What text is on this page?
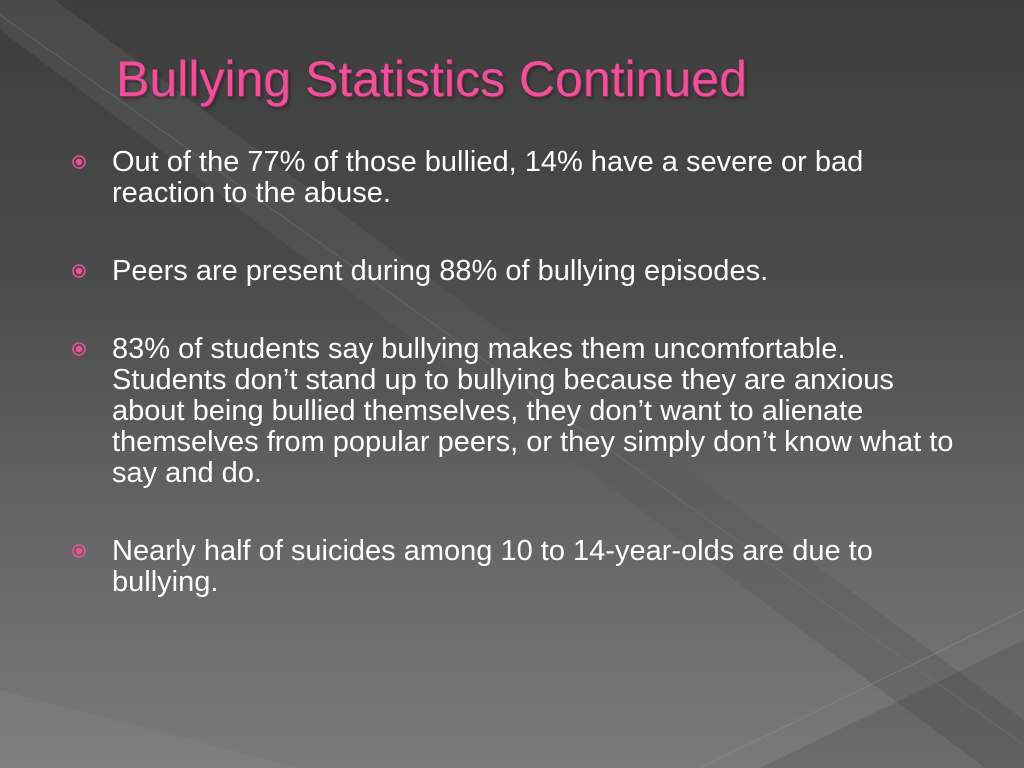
Bullying Statistics Continued
Out of the 77% of those bullied, 14% have a severe or bad reaction to the abuse.
Peers are present during 88% of bullying episodes.
83% of students say bullying makes them uncomfortable. Students don’t stand up to bullying because they are anxious about being bullied themselves, they don’t want to alienate themselves from popular peers, or they simply don’t know what to say and do.
Nearly half of suicides among 10 to 14-year-olds are due to bullying.
